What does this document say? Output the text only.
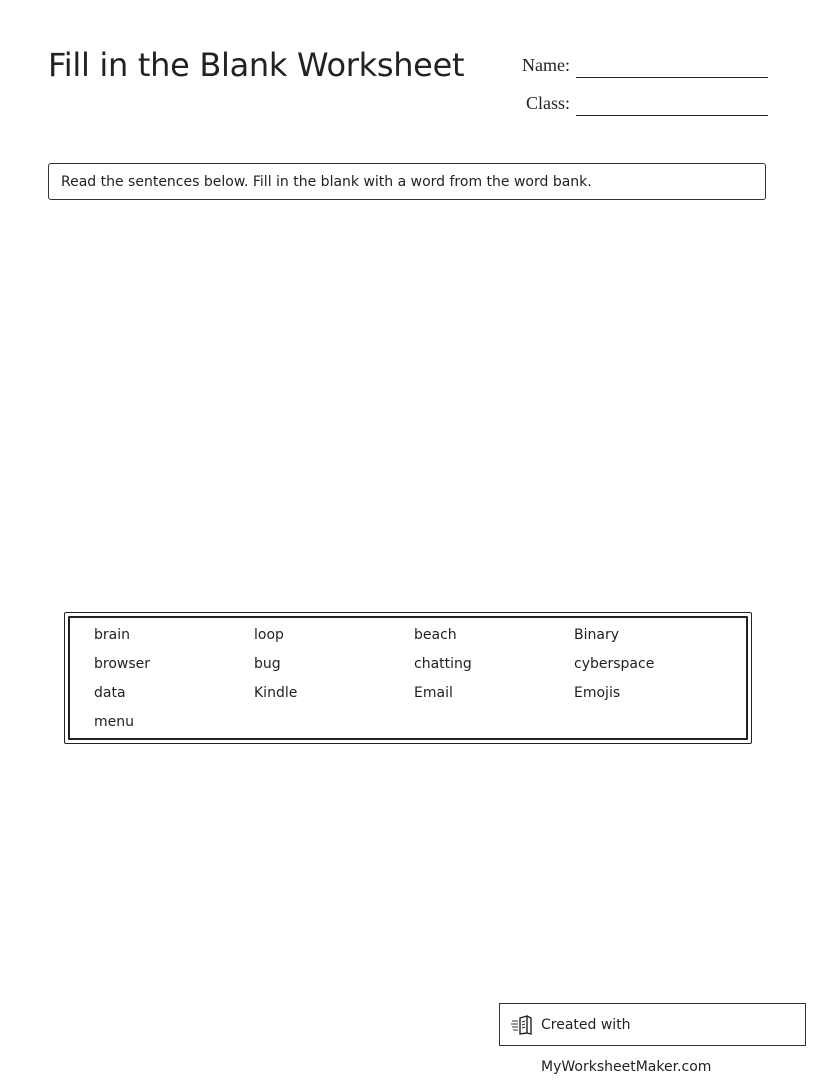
Fill in the Blank Worksheet	Name:
Class:
Read the sentences below. Fill in the blank with a word from the word bank.
brain	loop	beach	Binary
browser	bug	chatting	cyberspace
data	Kindle	Email	Emojis
menu
Created with MyWorksheetMaker.com
